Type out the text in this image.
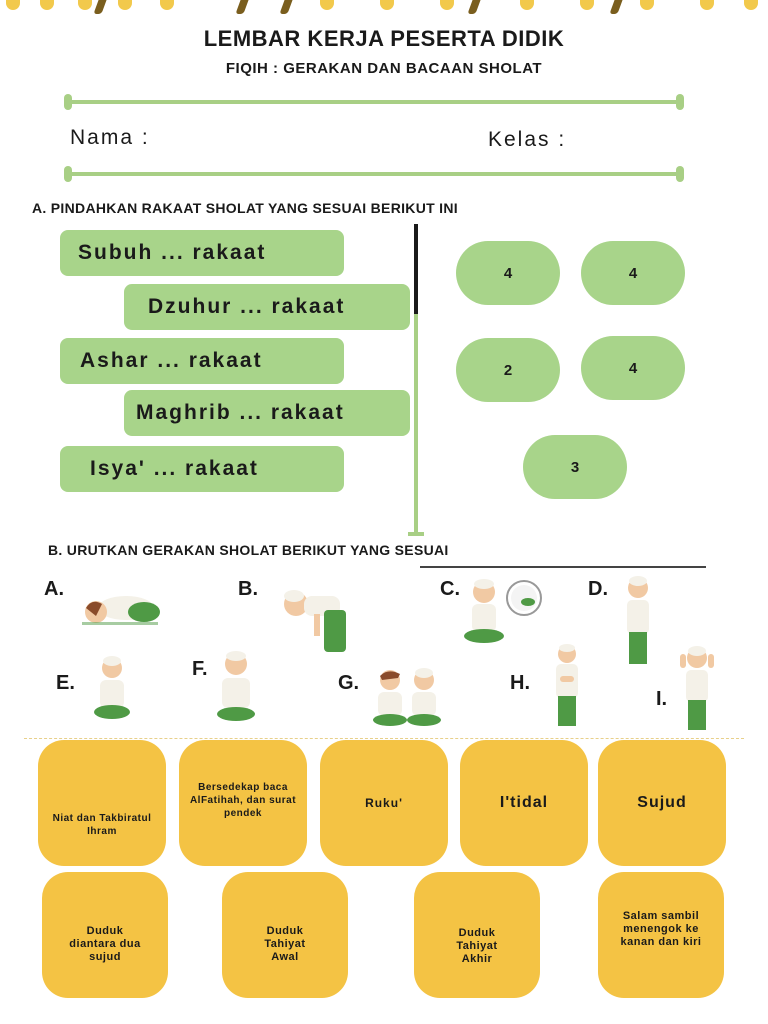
LEMBAR KERJA PESERTA DIDIK
FIQIH : GERAKAN DAN BACAAN SHOLAT
Nama :	Kelas :
A. PINDAHKAN RAKAAT SHOLAT YANG SESUAI BERIKUT INI
Subuh ... rakaat
Dzuhur ... rakaat
Ashar ... rakaat
Maghrib ... rakaat
Isya' ... rakaat
4	4
2	4
3
B. URUTKAN GERAKAN SHOLAT BERIKUT YANG SESUAI
A.	B.	C.	D.
E.
F.
G.	H.
I.
Niat dan Takbiratul Ihram
Bersedekap baca AlFatihah, dan surat pendek
Ruku'	I'tidal	Sujud
Duduk diantara dua sujud
Duduk Tahiyat Awal
Duduk Tahiyat Akhir
Salam sambil menengok ke kanan dan kiri
